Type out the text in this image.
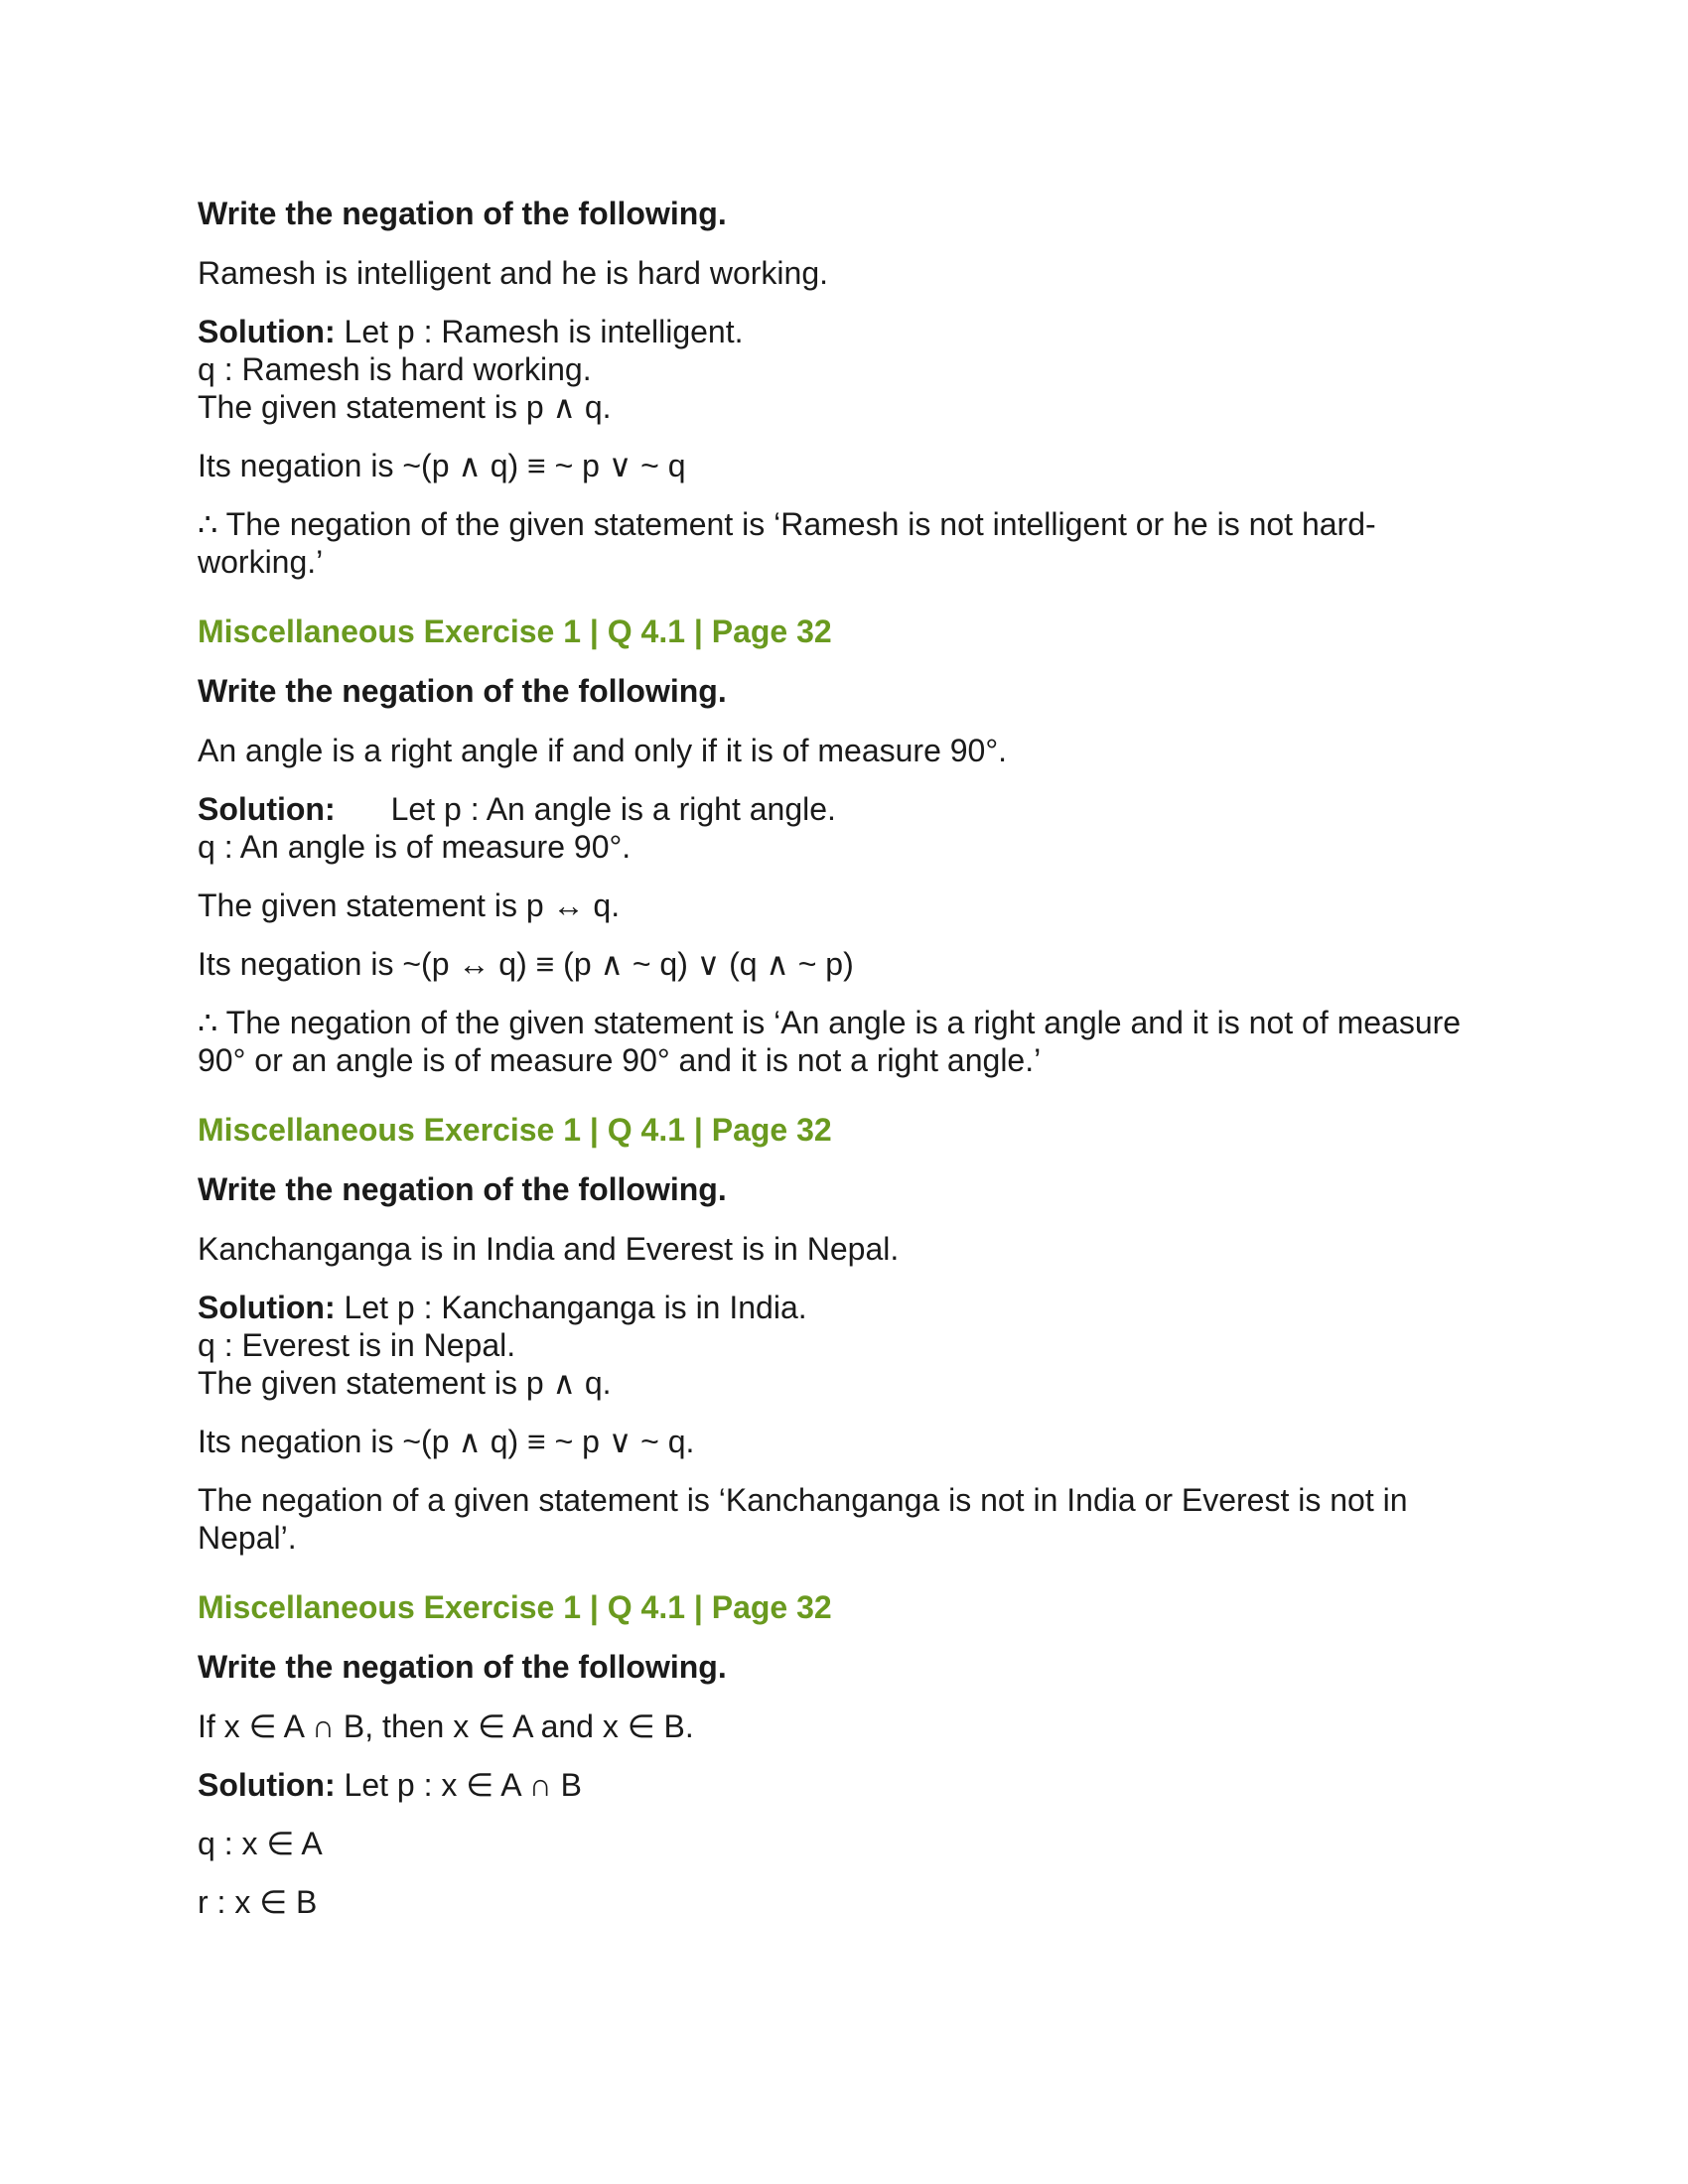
Write the negation of the following.
Ramesh is intelligent and he is hard working.
Solution: Let p : Ramesh is intelligent.
q : Ramesh is hard working.
The given statement is p ∧ q.
Its negation is ~(p ∧ q) ≡ ~ p ∨ ~ q
∴ The negation of the given statement is ‘Ramesh is not intelligent or he is not hard-working.’
Miscellaneous Exercise 1 | Q 4.1 | Page 32
Write the negation of the following.
An angle is a right angle if and only if it is of measure 90°.
Solution: Let p : An angle is a right angle.
q : An angle is of measure 90°.
The given statement is p ↔ q.
Its negation is ~(p ↔ q) ≡ (p ∧ ~ q) ∨ (q ∧ ~ p)
∴ The negation of the given statement is ‘An angle is a right angle and it is not of measure 90° or an angle is of measure 90° and it is not a right angle.’
Miscellaneous Exercise 1 | Q 4.1 | Page 32
Write the negation of the following.
Kanchanganga is in India and Everest is in Nepal.
Solution: Let p : Kanchanganga is in India.
q : Everest is in Nepal.
The given statement is p ∧ q.
Its negation is ~(p ∧ q) ≡ ~ p ∨ ~ q.
The negation of a given statement is ‘Kanchanganga is not in India or Everest is not in Nepal’.
Miscellaneous Exercise 1 | Q 4.1 | Page 32
Write the negation of the following.
If x ∈ A ∩ B, then x ∈ A and x ∈ B.
Solution: Let p : x ∈ A ∩ B
q : x ∈ A
r : x ∈ B
